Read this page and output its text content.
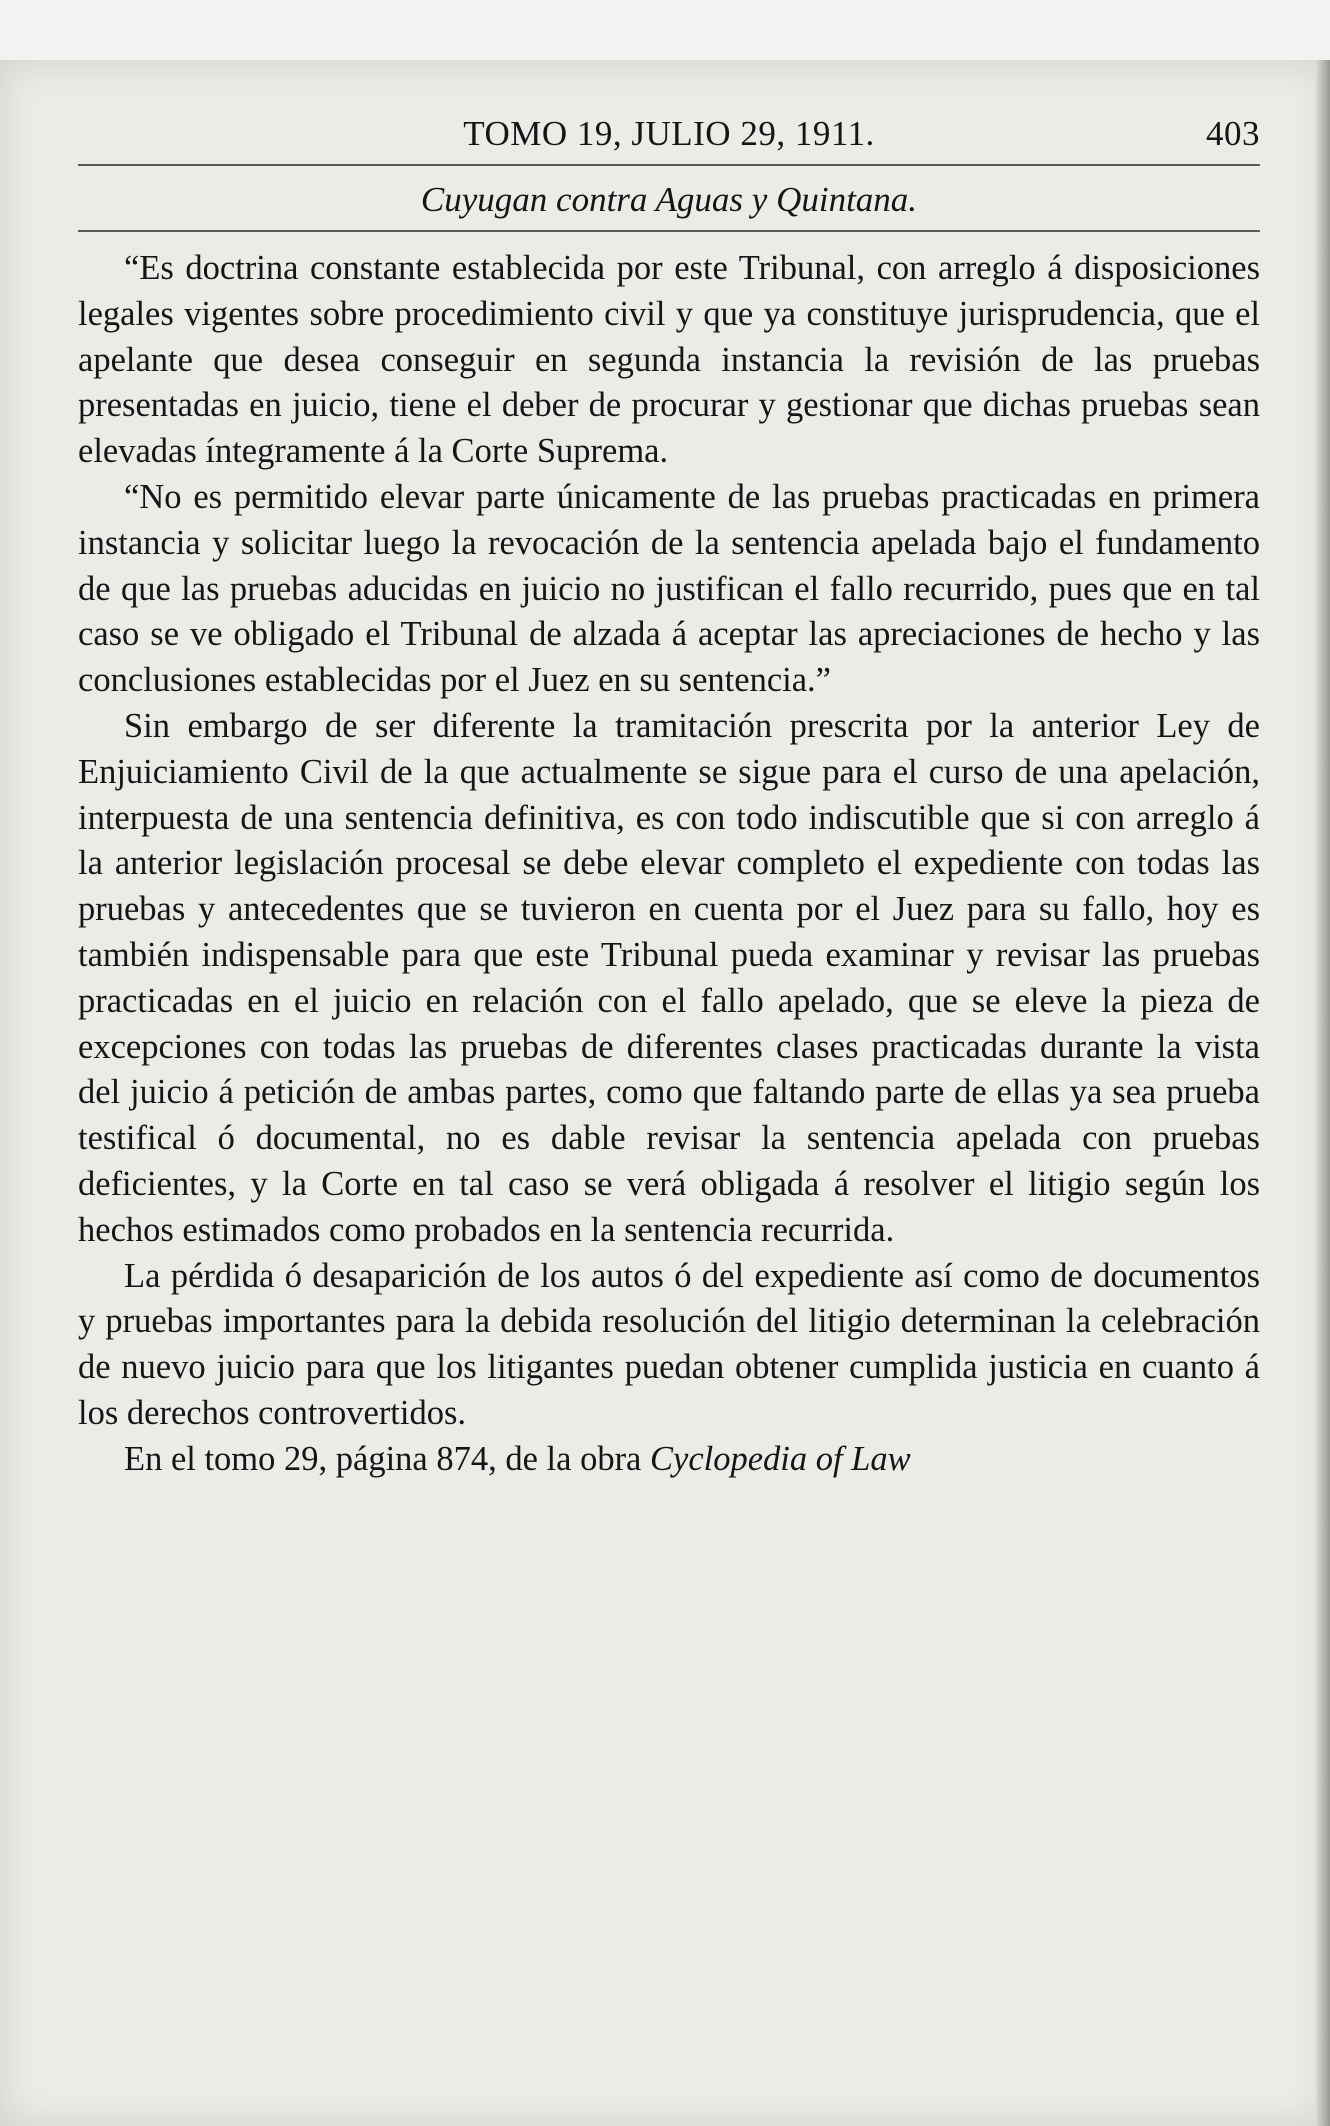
TOMO 19, JULIO 29, 1911.	403
Cuyugan contra Aguas y Quintana.

“Es doctrina constante establecida por este Tribunal, con arreglo á disposiciones legales vigentes sobre procedimiento civil y que ya constituye jurisprudencia, que el apelante que desea conseguir en segunda instancia la revisión de las pruebas presentadas en juicio, tiene el deber de procurar y gestionar que dichas pruebas sean elevadas íntegramente á la Corte Suprema.

“No es permitido elevar parte únicamente de las pruebas practicadas en primera instancia y solicitar luego la revocación de la sentencia apelada bajo el fundamento de que las pruebas aducidas en juicio no justifican el fallo recurrido, pues que en tal caso se ve obligado el Tribunal de alzada á aceptar las apreciaciones de hecho y las conclusiones establecidas por el Juez en su sentencia.”

Sin embargo de ser diferente la tramitación prescrita por la anterior Ley de Enjuiciamiento Civil de la que actualmente se sigue para el curso de una apelación, interpuesta de una sentencia definitiva, es con todo indiscutible que si con arreglo á la anterior legislación procesal se debe elevar completo el expediente con todas las pruebas y antecedentes que se tuvieron en cuenta por el Juez para su fallo, hoy es también indispensable para que este Tribunal pueda examinar y revisar las pruebas practicadas en el juicio en relación con el fallo apelado, que se eleve la pieza de excepciones con todas las pruebas de diferentes clases practicadas durante la vista del juicio á petición de ambas partes, como que faltando parte de ellas ya sea prueba testifical ó documental, no es dable revisar la sentencia apelada con pruebas deficientes, y la Corte en tal caso se verá obligada á resolver el litigio según los hechos estimados como probados en la sentencia recurrida.

La pérdida ó desaparición de los autos ó del expediente así como de documentos y pruebas importantes para la debida resolución del litigio determinan la celebración de nuevo juicio para que los litigantes puedan obtener cumplida justicia en cuanto á los derechos controvertidos.

En el tomo 29, página 874, de la obra Cyclopedia of Law
